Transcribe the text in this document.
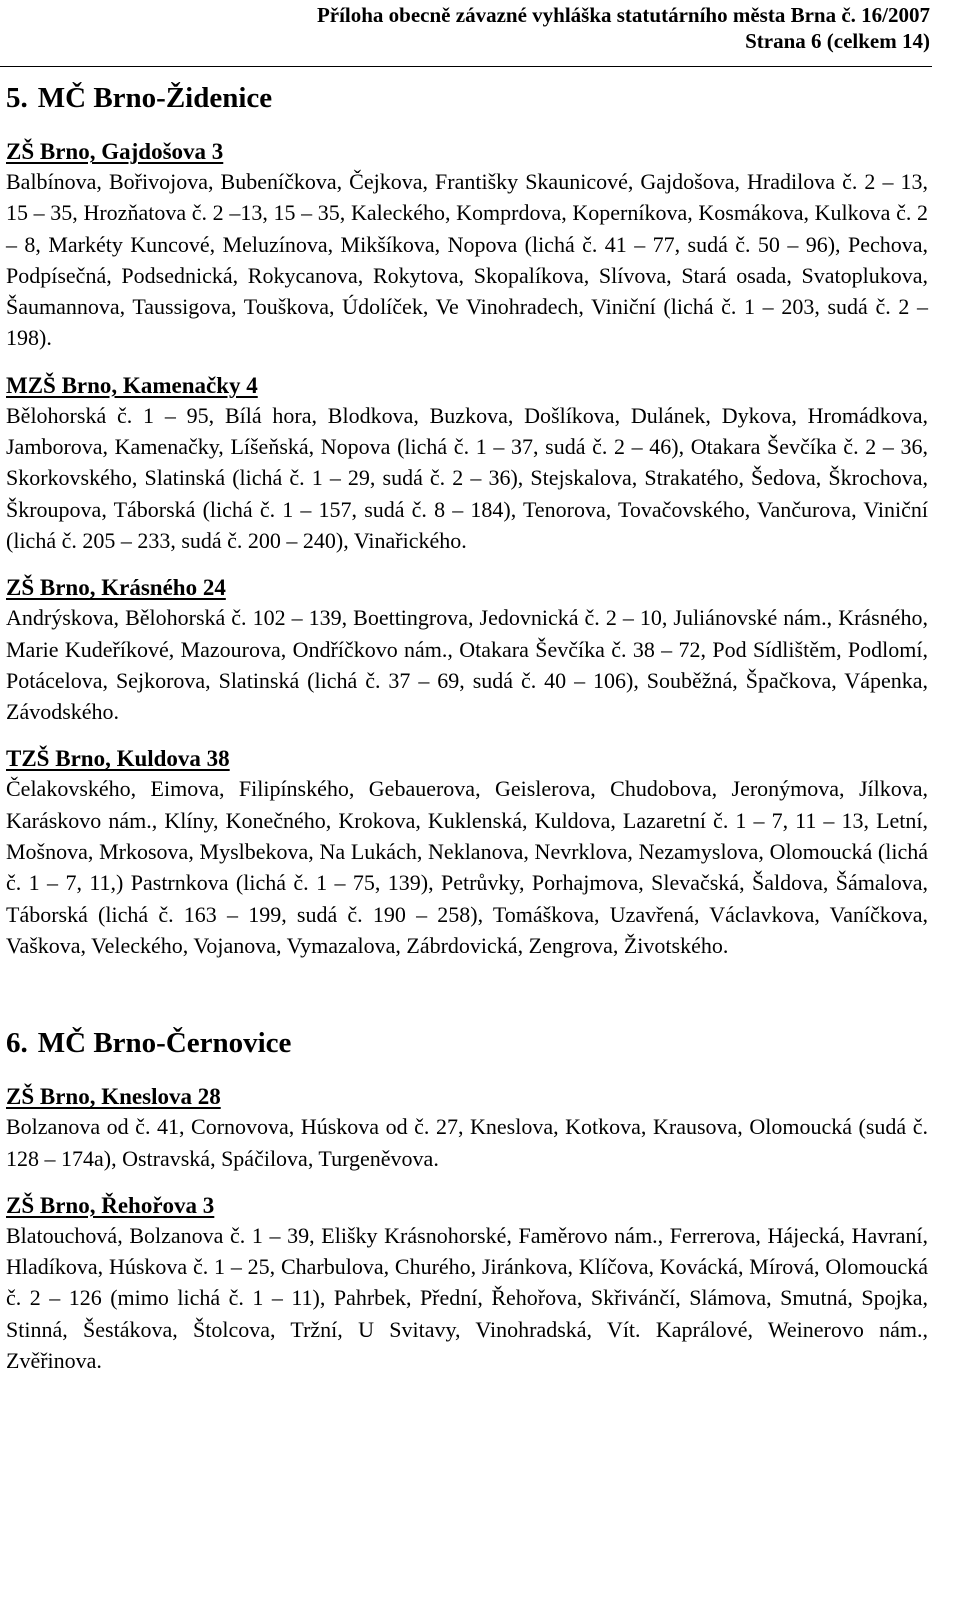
Příloha obecně závazné vyhláška statutárního města Brna č. 16/2007
Strana 6 (celkem 14)
5. MČ Brno-Židenice
ZŠ Brno, Gajdošova 3

Balbínova, Bořivojova, Bubeníčkova, Čejkova, Františky Skaunicové, Gajdošova, Hradilova č. 2 – 13, 15 – 35, Hrozňatova č. 2 –13, 15 – 35, Kaleckého, Komprdova, Koperníkova, Kosmákova, Kulkova č. 2 – 8, Markéty Kuncové, Meluzínova, Mikšíkova, Nopova (lichá č. 41 – 77, sudá č. 50 – 96), Pechova, Podpísečná, Podsednická, Rokycanova, Rokytova, Skopalíkova, Slívova, Stará osada, Svatoplukova, Šaumannova, Taussigova, Touškova, Údolíček, Ve Vinohradech, Viniční (lichá č. 1 – 203, sudá č. 2 – 198).

MZŠ Brno, Kamenačky 4

Bělohorská č. 1 – 95, Bílá hora, Blodkova, Buzkova, Došlíkova, Dulánek, Dykova, Hromádkova, Jamborova, Kamenačky, Líšeňská, Nopova (lichá č. 1 – 37, sudá č. 2 – 46), Otakara Ševčíka č. 2 – 36, Skorkovského, Slatinská (lichá č. 1 – 29, sudá č. 2 – 36), Stejskalova, Strakatého, Šedova, Škrochova, Škroupova, Táborská (lichá č. 1 – 157, sudá č. 8 – 184), Tenorova, Tovačovského, Vančurova, Viniční (lichá č. 205 – 233, sudá č. 200 – 240), Vinařického.

ZŠ Brno, Krásného 24

Andrýskova, Bělohorská č. 102 – 139, Boettingrova, Jedovnická č. 2 – 10, Juliánovské nám., Krásného, Marie Kudeříkové, Mazourova, Ondříčkovo nám., Otakara Ševčíka č. 38 – 72, Pod Sídlištěm, Podlomí, Potácelova, Sejkorova, Slatinská (lichá č. 37 – 69, sudá č. 40 – 106), Souběžná, Špačkova, Vápenka, Závodského.

TZŠ Brno, Kuldova 38

Čelakovského, Eimova, Filipínského, Gebauerova, Geislerova, Chudobova, Jeronýmova, Jílkova, Karáskovo nám., Klíny, Konečného, Krokova, Kuklenská, Kuldova, Lazaretní č. 1 – 7, 11 – 13, Letní, Mošnova, Mrkosova, Myslbekova, Na Lukách, Neklanova, Nevrklova, Nezamyslova, Olomoucká (lichá č. 1 – 7, 11,) Pastrnkova (lichá č. 1 – 75, 139), Petrůvky, Porhajmova, Slevačská, Šaldova, Šámalova, Táborská (lichá č. 163 – 199, sudá č. 190 – 258), Tomáškova, Uzavřená, Václavkova, Vaníčkova, Vaškova, Veleckého, Vojanova, Vymazalova, Zábrdovická, Zengrova, Životského.

6. MČ Brno-Černovice
ZŠ Brno, Kneslova 28

Bolzanova od č. 41, Cornovova, Húskova od č. 27, Kneslova, Kotkova, Krausova, Olomoucká (sudá č. 128 – 174a), Ostravská, Spáčilova, Turgeněvova.

ZŠ Brno, Řehořova 3

Blatouchová, Bolzanova č. 1 – 39, Elišky Krásnohorské, Faměrovo nám., Ferrerova, Hájecká, Havraní, Hladíkova, Húskova č. 1 – 25, Charbulova, Churého, Jiránkova, Klíčova, Kovácká, Mírová, Olomoucká č. 2 – 126 (mimo lichá č. 1 – 11), Pahrbek, Přední, Řehořova, Skřivánčí, Slámova, Smutná, Spojka, Stinná, Šestákova, Štolcova, Tržní, U Svitavy, Vinohradská, Vít. Kaprálové, Weinerovo nám., Zvěřinova.
